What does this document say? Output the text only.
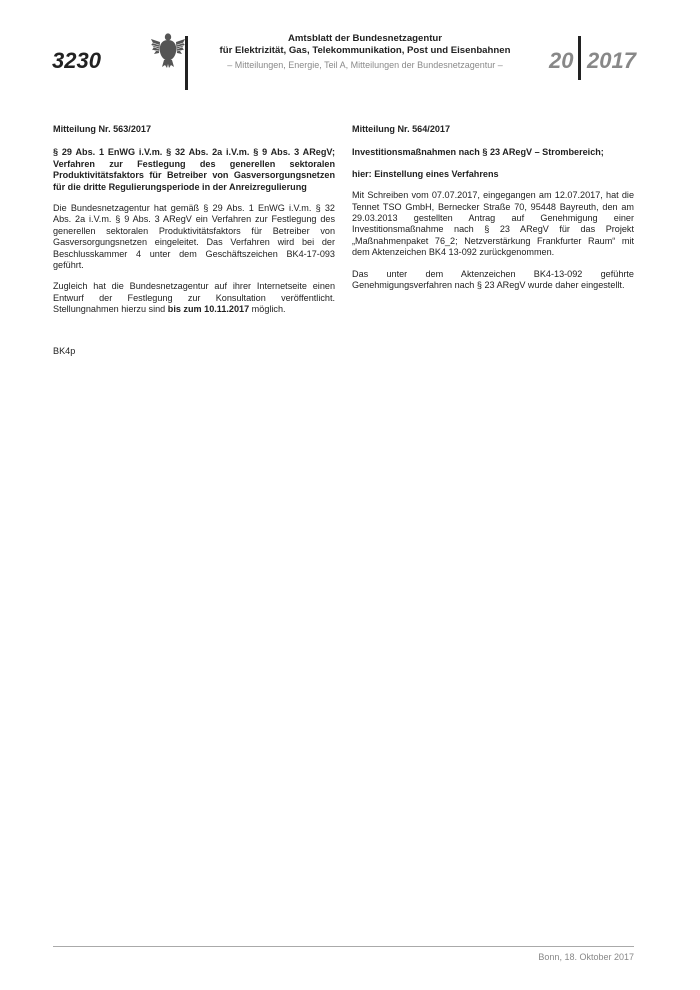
3230
Amtsblatt der Bundesnetzagentur
für Elektrizität, Gas, Telekommunikation, Post und Eisenbahnen
– Mitteilungen, Energie, Teil A, Mitteilungen der Bundesnetzagentur –	20 2017

Mitteilung Nr. 563/2017

§ 29 Abs. 1 EnWG i.V.m. § 32 Abs. 2a i.V.m. § 9 Abs. 3 ARegV; Verfahren zur Festlegung des generellen sektoralen Produktivitätsfaktors für Betreiber von Gasversorgungsnetzen für die dritte Regulierungsperiode in der Anreizregulierung

Die Bundesnetzagentur hat gemäß § 29 Abs. 1 EnWG i.V.m. § 32 Abs. 2a i.V.m. § 9 Abs. 3 ARegV ein Verfahren zur Festlegung des generellen sektoralen Produktivitätsfaktors für Betreiber von Gasversorgungsnetzen eingeleitet. Das Verfahren wird bei der Beschlusskammer 4 unter dem Geschäftszeichen BK4-17-093 geführt.

Zugleich hat die Bundesnetzagentur auf ihrer Internetseite einen Entwurf der Festlegung zur Konsultation veröffentlicht. Stellungnahmen hierzu sind bis zum 10.11.2017 möglich.

BK4p

Mitteilung Nr. 564/2017

Investitionsmaßnahmen nach § 23 ARegV – Strombereich;

hier: Einstellung eines Verfahrens

Mit Schreiben vom 07.07.2017, eingegangen am 12.07.2017, hat die Tennet TSO GmbH, Bernecker Straße 70, 95448 Bayreuth, den am 29.03.2013 gestellten Antrag auf Genehmigung einer Investitionsmaßnahme nach § 23 ARegV für das Projekt „Maßnahmenpaket 76_2; Netzverstärkung Frankfurter Raum“ mit dem Aktenzeichen BK4 13-092 zurückgenommen.

Das unter dem Aktenzeichen BK4-13-092 geführte Genehmigungsverfahren nach § 23 ARegV wurde daher eingestellt.

Bonn, 18. Oktober 2017
